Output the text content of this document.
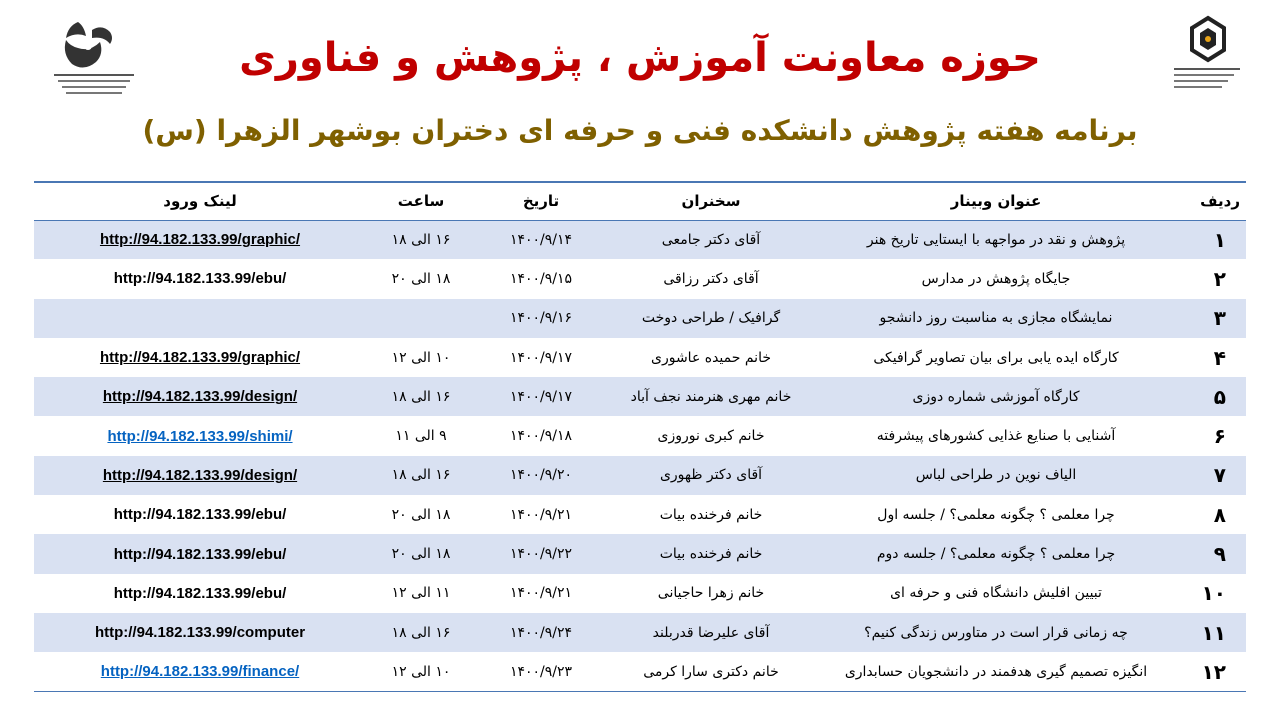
حوزه معاونت آموزش ، پژوهش و فناوری
برنامه هفته پژوهش دانشکده فنی و حرفه ای دختران بوشهر الزهرا (س)
ردیف	عنوان وبینار	سخنران	تاریخ	ساعت	لینک ورود
۱	پژوهش و نقد در مواجهه با ایستایی تاریخ هنر	آقای دکتر جامعی	۱۴۰۰/۹/۱۴	۱۶ الی ۱۸	http://94.182.133.99/graphic/
۲	جایگاه پژوهش در مدارس	آقای دکتر رزاقی	۱۴۰۰/۹/۱۵	۱۸ الی ۲۰	http://94.182.133.99/ebu/
۳	نمایشگاه مجازی به مناسبت روز دانشجو	گرافیک / طراحی دوخت	۱۴۰۰/۹/۱۶		
۴	کارگاه ایده یابی برای بیان تصاویر گرافیکی	خانم حمیده عاشوری	۱۴۰۰/۹/۱۷	۱۰ الی ۱۲	http://94.182.133.99/graphic/
۵	کارگاه آموزشی شماره دوزی	خانم مهری هنرمند نجف آباد	۱۴۰۰/۹/۱۷	۱۶ الی ۱۸	http://94.182.133.99/design/
۶	آشنایی با صنایع غذایی کشورهای پیشرفته	خانم کبری نوروزی	۱۴۰۰/۹/۱۸	۹ الی ۱۱	http://94.182.133.99/shimi/
۷	الیاف نوین در طراحی لباس	آقای دکتر ظهوری	۱۴۰۰/۹/۲۰	۱۶ الی ۱۸	http://94.182.133.99/design/
۸	چرا معلمی ؟ چگونه معلمی؟ / جلسه اول	خانم فرخنده بیات	۱۴۰۰/۹/۲۱	۱۸ الی ۲۰	http://94.182.133.99/ebu/
۹	چرا معلمی ؟ چگونه معلمی؟ / جلسه دوم	خانم فرخنده بیات	۱۴۰۰/۹/۲۲	۱۸ الی ۲۰	http://94.182.133.99/ebu/
۱۰	تبیین افلیش دانشگاه فنی و حرفه ای	خانم زهرا حاجیانی	۱۴۰۰/۹/۲۱	۱۱ الی ۱۲	http://94.182.133.99/ebu/
۱۱	چه زمانی قرار است در متاورس زندگی کنیم؟	آقای علیرضا قدربلند	۱۴۰۰/۹/۲۴	۱۶ الی ۱۸	http://94.182.133.99/computer
۱۲	انگیزه تصمیم گیری هدفمند در دانشجویان حسابداری	خانم دکتری سارا کرمی	۱۴۰۰/۹/۲۳	۱۰ الی ۱۲	http://94.182.133.99/finance/
